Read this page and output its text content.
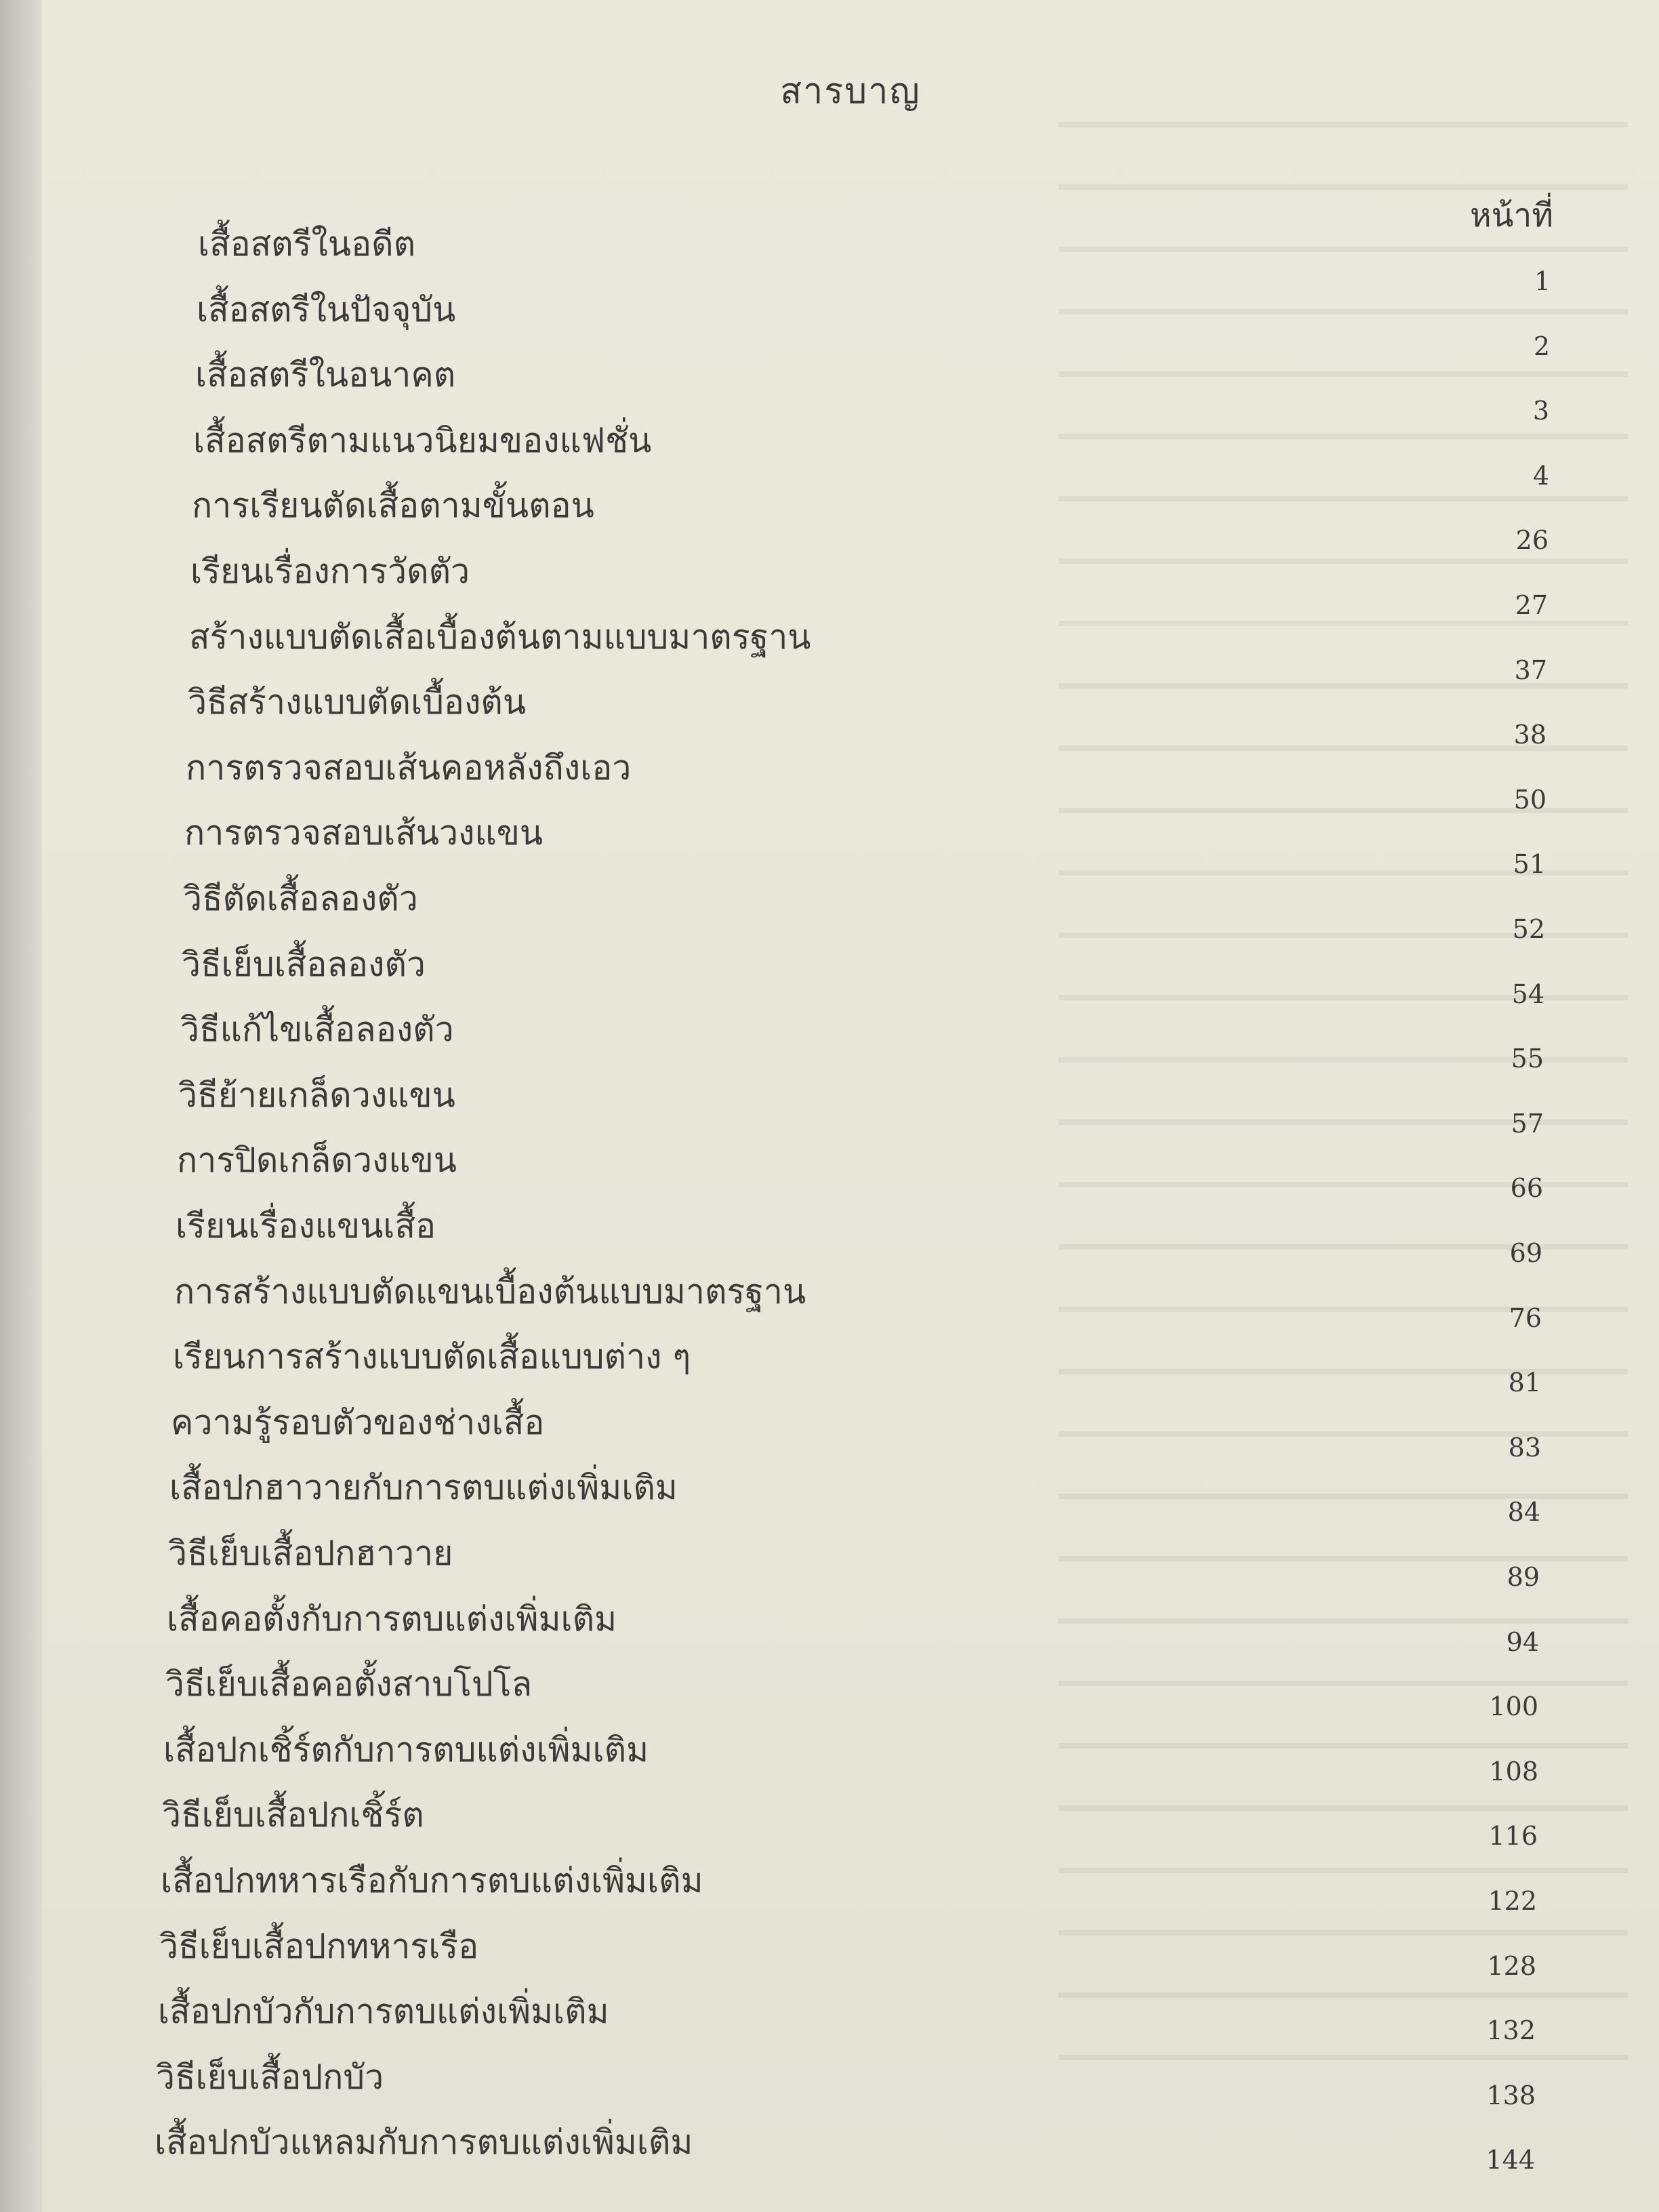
สารบาญ
หน้าที่
เสื้อสตรีในอดีต
เสื้อสตรีในปัจจุบัน
เสื้อสตรีในอนาคต
เสื้อสตรีตามแนวนิยมของแฟชั่น
การเรียนตัดเสื้อตามขั้นตอน
เรียนเรื่องการวัดตัว
สร้างแบบตัดเสื้อเบื้องต้นตามแบบมาตรฐาน
วิธีสร้างแบบตัดเบื้องต้น
การตรวจสอบเส้นคอหลังถึงเอว
การตรวจสอบเส้นวงแขน
วิธีตัดเสื้อลองตัว
วิธีเย็บเสื้อลองตัว
วิธีแก้ไขเสื้อลองตัว
วิธีย้ายเกล็ดวงแขน
การปิดเกล็ดวงแขน
เรียนเรื่องแขนเสื้อ
การสร้างแบบตัดแขนเบื้องต้นแบบมาตรฐาน
เรียนการสร้างแบบตัดเสื้อแบบต่าง ๆ
ความรู้รอบตัวของช่างเสื้อ
เสื้อปกฮาวายกับการตบแต่งเพิ่มเติม
วิธีเย็บเสื้อปกฮาวาย
เสื้อคอตั้งกับการตบแต่งเพิ่มเติม
วิธีเย็บเสื้อคอตั้งสาบโปโล
เสื้อปกเชิ้ร์ตกับการตบแต่งเพิ่มเติม
วิธีเย็บเสื้อปกเชิ้ร์ต
เสื้อปกทหารเรือกับการตบแต่งเพิ่มเติม
วิธีเย็บเสื้อปกทหารเรือ
เสื้อปกบัวกับการตบแต่งเพิ่มเติม
วิธีเย็บเสื้อปกบัว
เสื้อปกบัวแหลมกับการตบแต่งเพิ่มเติม
1
2
3
4
26
27
37
38
50
51
52
54
55
57
66
69
76
81
83
84
89
94
100
108
116
122
128
132
138
144
